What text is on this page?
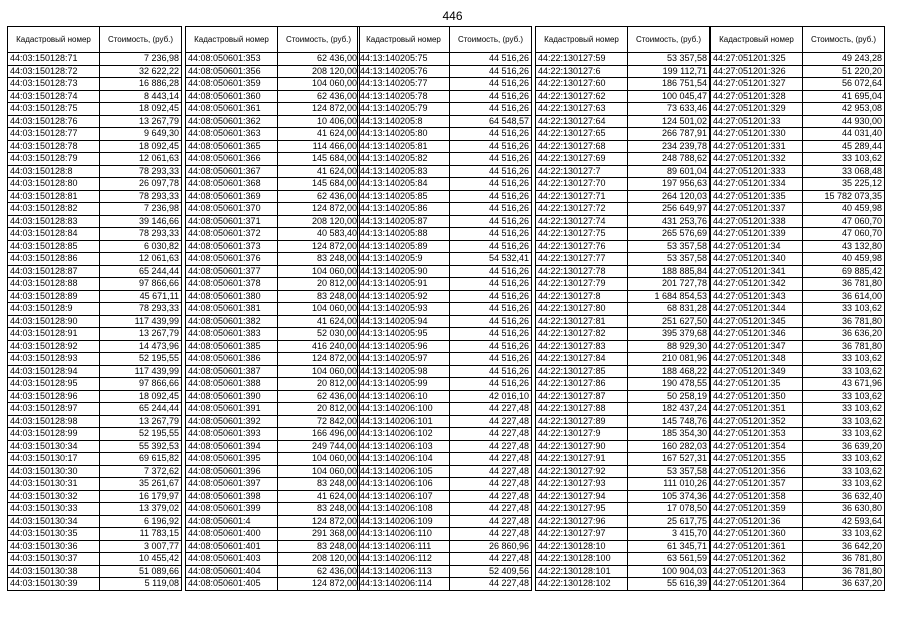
446
Кадастровый номер	Стоимость, (руб.)
44:03:150128:71	7 236,98
44:03:150128:72	32 622,22
44:03:150128:73	16 886,28
44:03:150128:74	8 443,14
44:03:150128:75	18 092,45
44:03:150128:76	13 267,79
44:03:150128:77	9 649,30
44:03:150128:78	18 092,45
44:03:150128:79	12 061,63
44:03:150128:8	78 293,33
44:03:150128:80	26 097,78
44:03:150128:81	78 293,33
44:03:150128:82	7 236,98
44:03:150128:83	39 146,66
44:03:150128:84	78 293,33
44:03:150128:85	6 030,82
44:03:150128:86	12 061,63
44:03:150128:87	65 244,44
44:03:150128:88	97 866,66
44:03:150128:89	45 671,11
44:03:150128:9	78 293,33
44:03:150128:90	117 439,99
44:03:150128:91	13 267,79
44:03:150128:92	14 473,96
44:03:150128:93	52 195,55
44:03:150128:94	117 439,99
44:03:150128:95	97 866,66
44:03:150128:96	18 092,45
44:03:150128:97	65 244,44
44:03:150128:98	13 267,79
44:03:150128:99	52 195,55
44:03:150130:34	55 392,53
44:03:150130:17	69 615,82
44:03:150130:30	7 372,62
44:03:150130:31	35 261,67
44:03:150130:32	16 179,97
44:03:150130:33	13 379,02
44:03:150130:34	6 196,92
44:03:150130:35	11 783,15
44:03:150130:36	3 007,77
44:03:150130:37	10 455,42
44:03:150130:38	51 089,66
44:03:150130:39	5 119,08
Кадастровый номер	Стоимость, (руб.)
44:08:050601:353	62 436,00
44:08:050601:356	208 120,00
44:08:050601:359	104 060,00
44:08:050601:360	62 436,00
44:08:050601:361	124 872,00
44:08:050601:362	10 406,00
44:08:050601:363	41 624,00
44:08:050601:365	114 466,00
44:08:050601:366	145 684,00
44:08:050601:367	41 624,00
44:08:050601:368	145 684,00
44:08:050601:369	62 436,00
44:08:050601:370	124 872,00
44:08:050601:371	208 120,00
44:08:050601:372	40 583,40
44:08:050601:373	124 872,00
44:08:050601:376	83 248,00
44:08:050601:377	104 060,00
44:08:050601:378	20 812,00
44:08:050601:380	83 248,00
44:08:050601:381	104 060,00
44:08:050601:382	41 624,00
44:08:050601:383	52 030,00
44:08:050601:385	416 240,00
44:08:050601:386	124 872,00
44:08:050601:387	104 060,00
44:08:050601:388	20 812,00
44:08:050601:390	62 436,00
44:08:050601:391	20 812,00
44:08:050601:392	72 842,00
44:08:050601:393	166 496,00
44:08:050601:394	249 744,00
44:08:050601:395	104 060,00
44:08:050601:396	104 060,00
44:08:050601:397	83 248,00
44:08:050601:398	41 624,00
44:08:050601:399	83 248,00
44:08:050601:4	124 872,00
44:08:050601:400	291 368,00
44:08:050601:401	83 248,00
44:08:050601:403	208 120,00
44:08:050601:404	62 436,00
44:08:050601:405	124 872,00
Кадастровый номер	Стоимость, (руб.)
44:13:140205:75	44 516,26
44:13:140205:76	44 516,26
44:13:140205:77	44 516,26
44:13:140205:78	44 516,26
44:13:140205:79	44 516,26
44:13:140205:8	64 548,57
44:13:140205:80	44 516,26
44:13:140205:81	44 516,26
44:13:140205:82	44 516,26
44:13:140205:83	44 516,26
44:13:140205:84	44 516,26
44:13:140205:85	44 516,26
44:13:140205:86	44 516,26
44:13:140205:87	44 516,26
44:13:140205:88	44 516,26
44:13:140205:89	44 516,26
44:13:140205:9	54 532,41
44:13:140205:90	44 516,26
44:13:140205:91	44 516,26
44:13:140205:92	44 516,26
44:13:140205:93	44 516,26
44:13:140205:94	44 516,26
44:13:140205:95	44 516,26
44:13:140205:96	44 516,26
44:13:140205:97	44 516,26
44:13:140205:98	44 516,26
44:13:140205:99	44 516,26
44:13:140206:10	42 016,10
44:13:140206:100	44 227,48
44:13:140206:101	44 227,48
44:13:140206:102	44 227,48
44:13:140206:103	44 227,48
44:13:140206:104	44 227,48
44:13:140206:105	44 227,48
44:13:140206:106	44 227,48
44:13:140206:107	44 227,48
44:13:140206:108	44 227,48
44:13:140206:109	44 227,48
44:13:140206:110	44 227,48
44:13:140206:111	26 860,96
44:13:140206:112	44 227,48
44:13:140206:113	52 409,56
44:13:140206:114	44 227,48
Кадастровый номер	Стоимость, (руб.)
44:22:130127:59	53 357,58
44:22:130127:6	199 112,71
44:22:130127:60	186 751,54
44:22:130127:62	100 045,47
44:22:130127:63	73 633,46
44:22:130127:64	124 501,02
44:22:130127:65	266 787,91
44:22:130127:68	234 239,78
44:22:130127:69	248 788,62
44:22:130127:7	89 601,04
44:22:130127:70	197 956,63
44:22:130127:71	264 120,03
44:22:130127:72	256 649,97
44:22:130127:74	431 253,76
44:22:130127:75	265 576,69
44:22:130127:76	53 357,58
44:22:130127:77	53 357,58
44:22:130127:78	188 885,84
44:22:130127:79	201 727,78
44:22:130127:8	1 684 854,53
44:22:130127:80	68 831,28
44:22:130127:81	251 627,50
44:22:130127:82	395 379,68
44:22:130127:83	88 929,30
44:22:130127:84	210 081,96
44:22:130127:85	188 468,22
44:22:130127:86	190 478,55
44:22:130127:87	50 258,19
44:22:130127:88	182 437,24
44:22:130127:89	145 748,76
44:22:130127:9	185 354,30
44:22:130127:90	160 282,03
44:22:130127:91	167 527,31
44:22:130127:92	53 357,58
44:22:130127:93	111 010,26
44:22:130127:94	105 374,36
44:22:130127:95	17 078,50
44:22:130127:96	25 617,75
44:22:130127:97	3 415,70
44:22:130128:10	61 345,71
44:22:130128:100	63 561,59
44:22:130128:101	100 904,03
44:22:130128:102	55 616,39
Кадастровый номер	Стоимость, (руб.)
44:27:051201:325	49 243,28
44:27:051201:326	51 220,20
44:27:051201:327	56 072,64
44:27:051201:328	41 695,04
44:27:051201:329	42 953,08
44:27:051201:33	44 930,00
44:27:051201:330	44 031,40
44:27:051201:331	45 289,44
44:27:051201:332	33 103,62
44:27:051201:333	33 068,48
44:27:051201:334	35 225,12
44:27:051201:335	15 782 073,35
44:27:051201:337	40 459,98
44:27:051201:338	47 060,70
44:27:051201:339	47 060,70
44:27:051201:34	43 132,80
44:27:051201:340	40 459,98
44:27:051201:341	69 885,42
44:27:051201:342	36 781,80
44:27:051201:343	36 614,00
44:27:051201:344	33 103,62
44:27:051201:345	36 781,80
44:27:051201:346	36 636,20
44:27:051201:347	36 781,80
44:27:051201:348	33 103,62
44:27:051201:349	33 103,62
44:27:051201:35	43 671,96
44:27:051201:350	33 103,62
44:27:051201:351	33 103,62
44:27:051201:352	33 103,62
44:27:051201:353	33 103,62
44:27:051201:354	36 639,20
44:27:051201:355	33 103,62
44:27:051201:356	33 103,62
44:27:051201:357	33 103,62
44:27:051201:358	36 632,40
44:27:051201:359	36 630,80
44:27:051201:36	42 593,64
44:27:051201:360	33 103,62
44:27:051201:361	36 642,20
44:27:051201:362	36 781,80
44:27:051201:363	36 781,80
44:27:051201:364	36 637,20
